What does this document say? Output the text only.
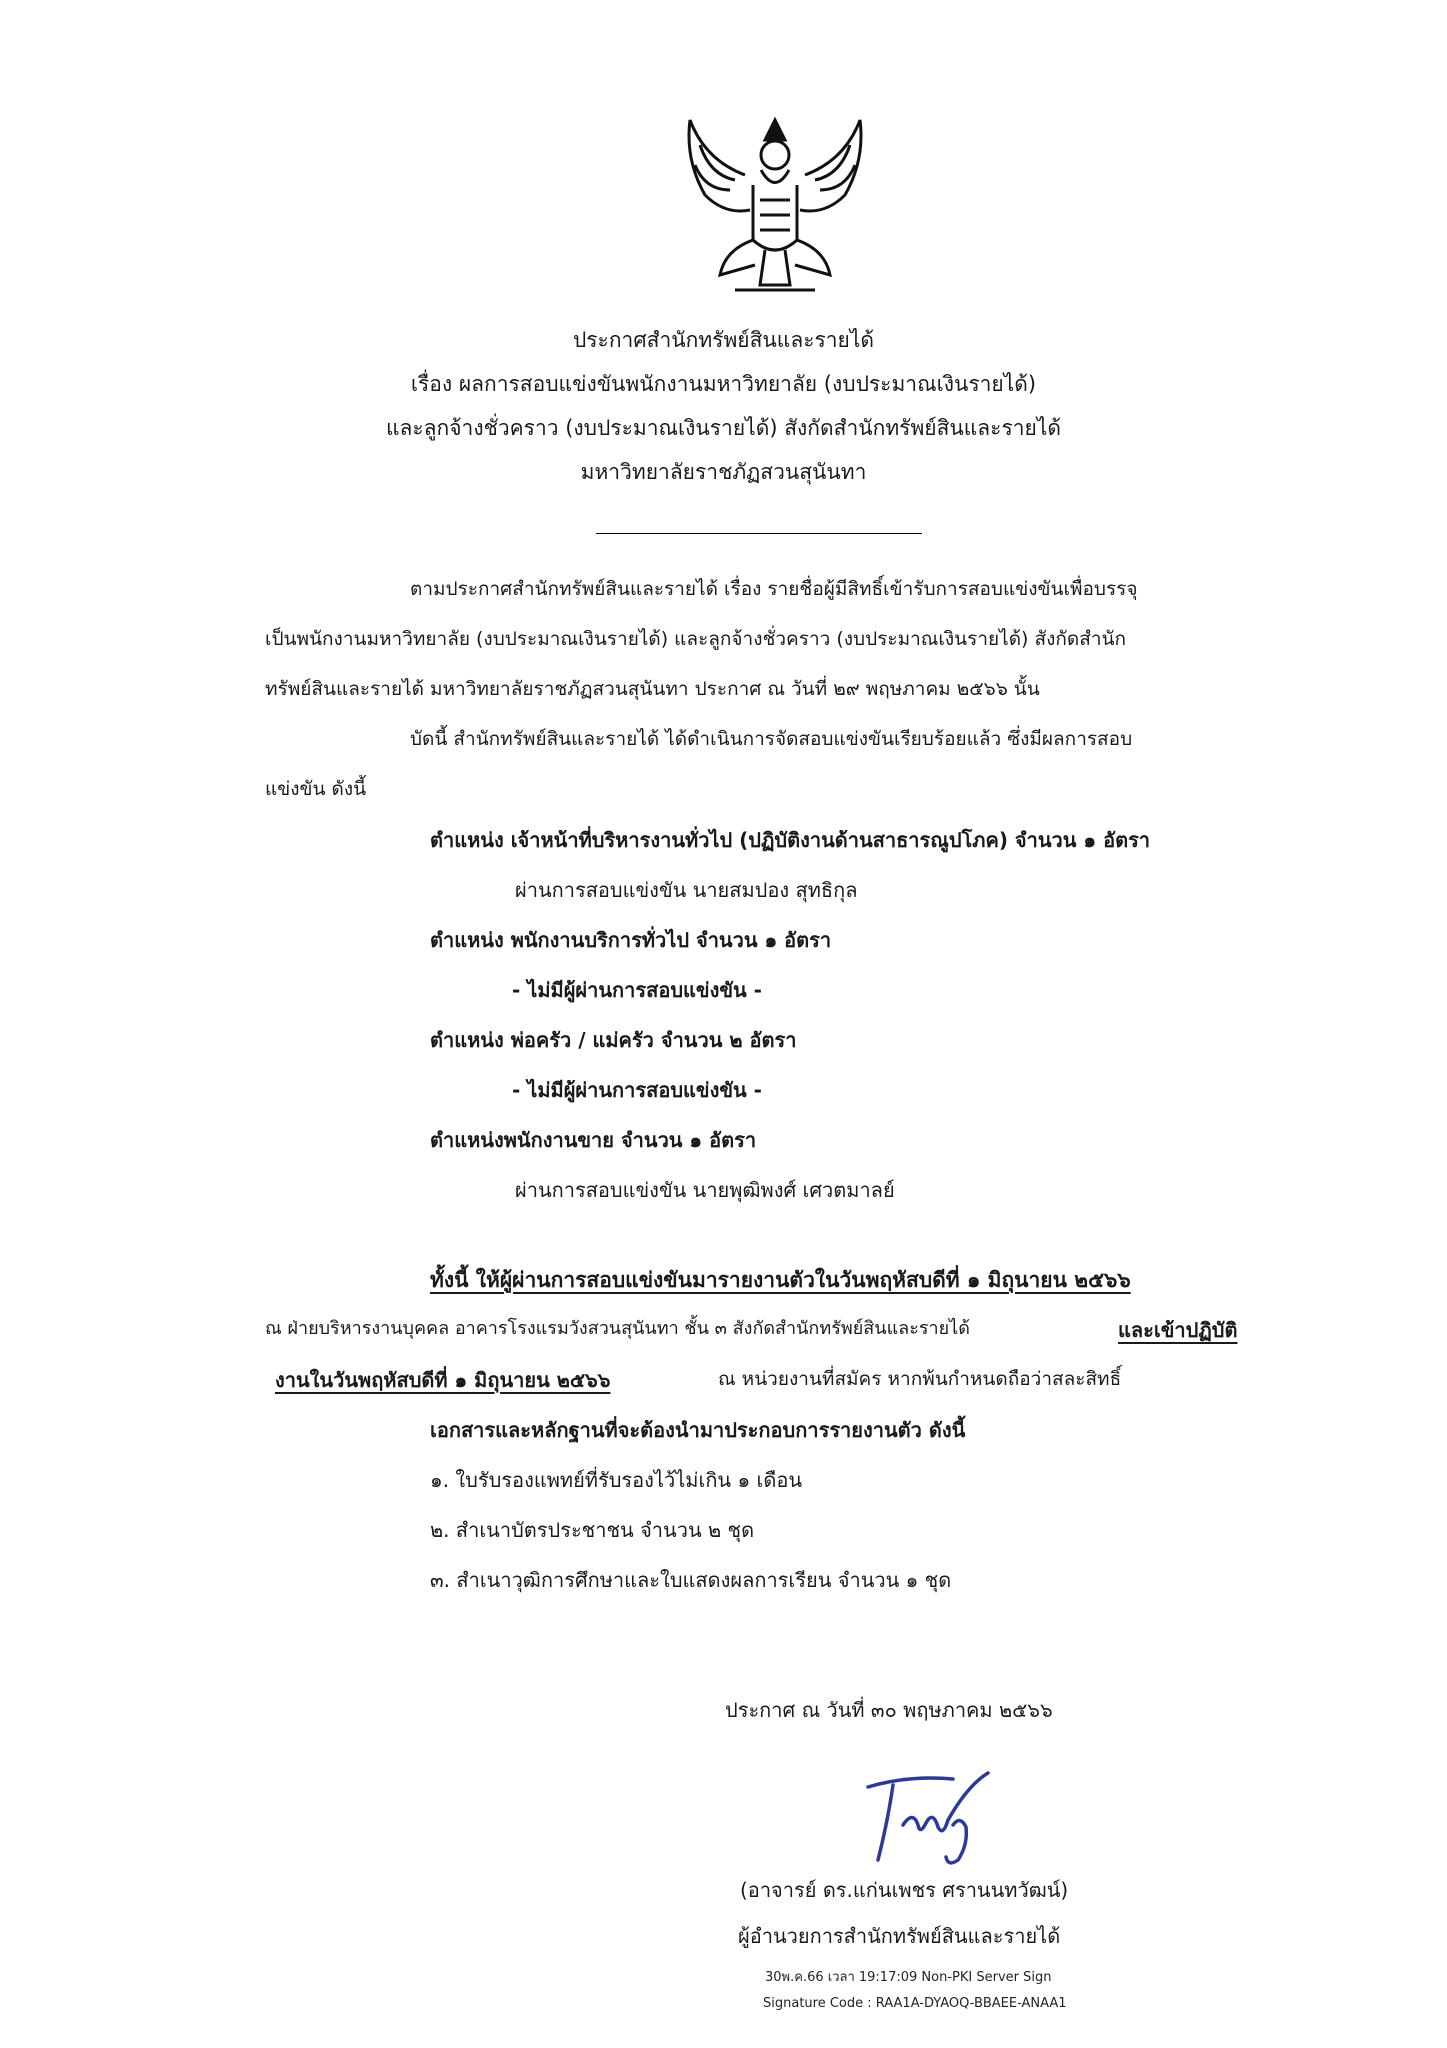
ประกาศสำนักทรัพย์สินและรายได้
เรื่อง ผลการสอบแข่งขันพนักงานมหาวิทยาลัย (งบประมาณเงินรายได้)
และลูกจ้างชั่วคราว (งบประมาณเงินรายได้) สังกัดสำนักทรัพย์สินและรายได้
มหาวิทยาลัยราชภัฏสวนสุนันทา
ตามประกาศสำนักทรัพย์สินและรายได้ เรื่อง รายชื่อผู้มีสิทธิ์เข้ารับการสอบแข่งขันเพื่อบรรจุ
เป็นพนักงานมหาวิทยาลัย (งบประมาณเงินรายได้) และลูกจ้างชั่วคราว (งบประมาณเงินรายได้) สังกัดสำนัก
ทรัพย์สินและรายได้ มหาวิทยาลัยราชภัฏสวนสุนันทา ประกาศ ณ วันที่ ๒๙ พฤษภาคม ๒๕๖๖ นั้น
บัดนี้ สำนักทรัพย์สินและรายได้ ได้ดำเนินการจัดสอบแข่งขันเรียบร้อยแล้ว ซึ่งมีผลการสอบ
แข่งขัน ดังนี้
ตำแหน่ง เจ้าหน้าที่บริหารงานทั่วไป (ปฏิบัติงานด้านสาธารณูปโภค) จำนวน ๑ อัตรา
ผ่านการสอบแข่งขัน นายสมปอง สุทธิกุล
ตำแหน่ง พนักงานบริการทั่วไป จำนวน ๑ อัตรา
- ไม่มีผู้ผ่านการสอบแข่งขัน -
ตำแหน่ง พ่อครัว / แม่ครัว จำนวน ๒ อัตรา
- ไม่มีผู้ผ่านการสอบแข่งขัน -
ตำแหน่งพนักงานขาย จำนวน ๑ อัตรา
ผ่านการสอบแข่งขัน นายพุฒิพงศ์ เศวตมาลย์
ทั้งนี้ ให้ผู้ผ่านการสอบแข่งขันมารายงานตัวในวันพฤหัสบดีที่ ๑ มิถุนายน ๒๕๖๖
ณ ฝ่ายบริหารงานบุคคล อาคารโรงแรมวังสวนสุนันทา ชั้น ๓ สังกัดสำนักทรัพย์สินและรายได้	และเข้าปฏิบัติ
งานในวันพฤหัสบดีที่ ๑ มิถุนายน ๒๕๖๖	ณ หน่วยงานที่สมัคร หากพ้นกำหนดถือว่าสละสิทธิ์
เอกสารและหลักฐานที่จะต้องนำมาประกอบการรายงานตัว ดังนี้
๑. ใบรับรองแพทย์ที่รับรองไว้ไม่เกิน ๑ เดือน
๒. สำเนาบัตรประชาชน จำนวน ๒ ชุด
๓. สำเนาวุฒิการศึกษาและใบแสดงผลการเรียน จำนวน ๑ ชุด
ประกาศ ณ วันที่ ๓๐ พฤษภาคม ๒๕๖๖
(อาจารย์ ดร.แก่นเพชร ศรานนทวัฒน์)
ผู้อำนวยการสำนักทรัพย์สินและรายได้
30พ.ค.66 เวลา 19:17:09 Non-PKI Server Sign
Signature Code : RAA1A-DYAOQ-BBAEE-ANAA1
